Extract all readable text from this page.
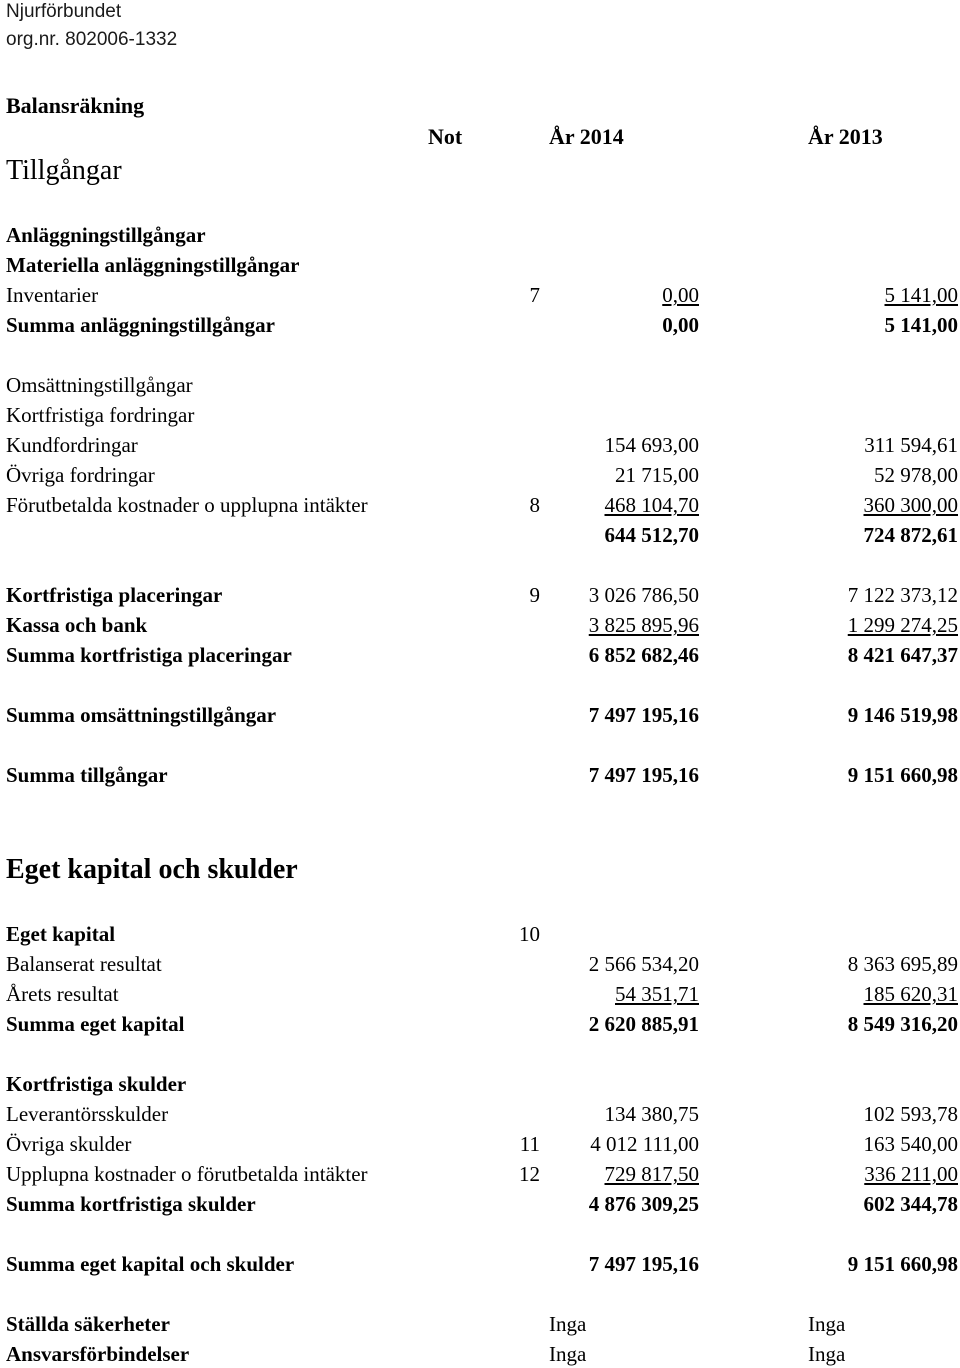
Njurförbundet
org.nr. 802006-1332
Balansräkning
Not	År 2014	År 2013
Tillgångar
Anläggningstillgångar
Materiella anläggningstillgångar
Inventarier	7	0,00	5 141,00
Summa anläggningstillgångar	0,00	5 141,00
Omsättningstillgångar
Kortfristiga fordringar
Kundfordringar	154 693,00	311 594,61
Övriga fordringar	21 715,00	52 978,00
Förutbetalda kostnader o upplupna intäkter	8	468 104,70	360 300,00
644 512,70	724 872,61
Kortfristiga placeringar	9	3 026 786,50	7 122 373,12
Kassa och bank	3 825 895,96	1 299 274,25
Summa kortfristiga placeringar	6 852 682,46	8 421 647,37
Summa omsättningstillgångar	7 497 195,16	9 146 519,98
Summa tillgångar	7 497 195,16	9 151 660,98
Eget kapital och skulder
Eget kapital	10
Balanserat resultat	2 566 534,20	8 363 695,89
Årets resultat	54 351,71	185 620,31
Summa eget kapital	2 620 885,91	8 549 316,20
Kortfristiga skulder
Leverantörsskulder	134 380,75	102 593,78
Övriga skulder	11	4 012 111,00	163 540,00
Upplupna kostnader o förutbetalda intäkter	12	729 817,50	336 211,00
Summa kortfristiga skulder	4 876 309,25	602 344,78
Summa eget kapital och skulder	7 497 195,16	9 151 660,98
Ställda säkerheter	Inga	Inga
Ansvarsförbindelser	Inga	Inga
